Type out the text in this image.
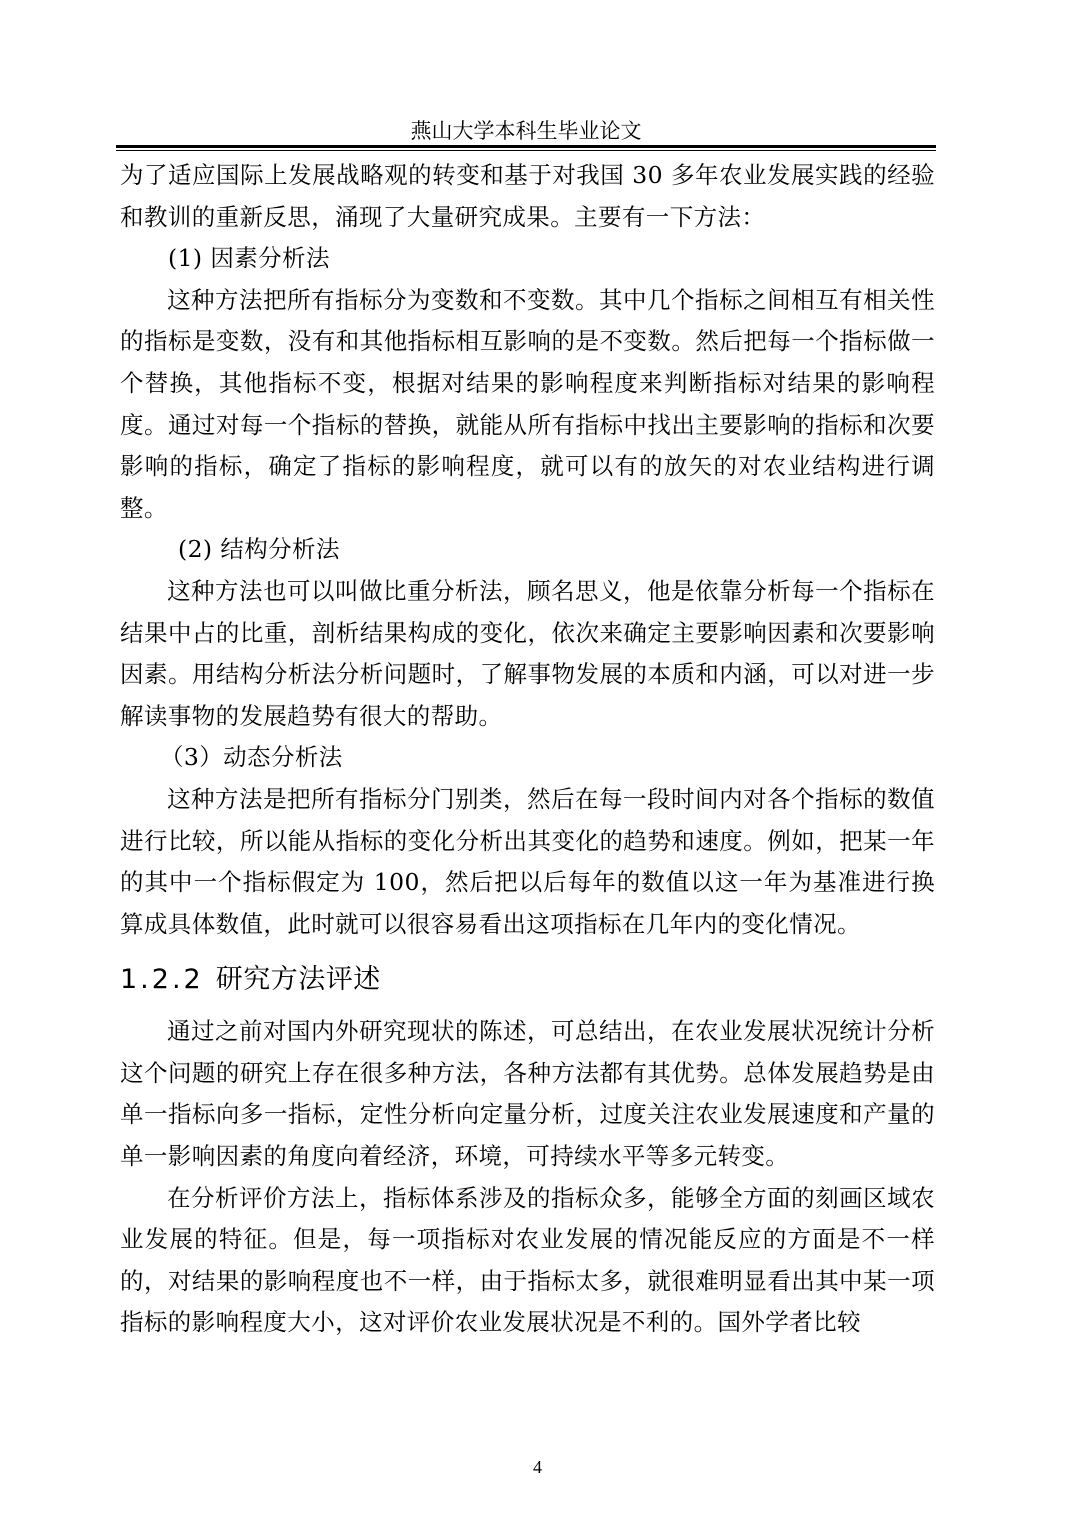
燕山大学本科生毕业论文

为了适应国际上发展战略观的转变和基于对我国 30 多年农业发展实践的经验和教训的重新反思，涌现了大量研究成果。主要有一下方法：

(1) 因素分析法

这种方法把所有指标分为变数和不变数。其中几个指标之间相互有相关性的指标是变数，没有和其他指标相互影响的是不变数。然后把每一个指标做一个替换，其他指标不变，根据对结果的影响程度来判断指标对结果的影响程度。通过对每一个指标的替换，就能从所有指标中找出主要影响的指标和次要影响的指标，确定了指标的影响程度，就可以有的放矢的对农业结构进行调整。

(2) 结构分析法

这种方法也可以叫做比重分析法，顾名思义，他是依靠分析每一个指标在结果中占的比重，剖析结果构成的变化，依次来确定主要影响因素和次要影响因素。用结构分析法分析问题时，了解事物发展的本质和内涵，可以对进一步解读事物的发展趋势有很大的帮助。

（3）动态分析法

这种方法是把所有指标分门别类，然后在每一段时间内对各个指标的数值进行比较，所以能从指标的变化分析出其变化的趋势和速度。例如，把某一年的其中一个指标假定为 100，然后把以后每年的数值以这一年为基准进行换算成具体数值，此时就可以很容易看出这项指标在几年内的变化情况。

1.2.2 研究方法评述

通过之前对国内外研究现状的陈述，可总结出，在农业发展状况统计分析这个问题的研究上存在很多种方法，各种方法都有其优势。总体发展趋势是由单一指标向多一指标，定性分析向定量分析，过度关注农业发展速度和产量的单一影响因素的角度向着经济，环境，可持续水平等多元转变。

在分析评价方法上，指标体系涉及的指标众多，能够全方面的刻画区域农业发展的特征。但是，每一项指标对农业发展的情况能反应的方面是不一样的，对结果的影响程度也不一样，由于指标太多，就很难明显看出其中某一项指标的影响程度大小，这对评价农业发展状况是不利的。国外学者比较

4
